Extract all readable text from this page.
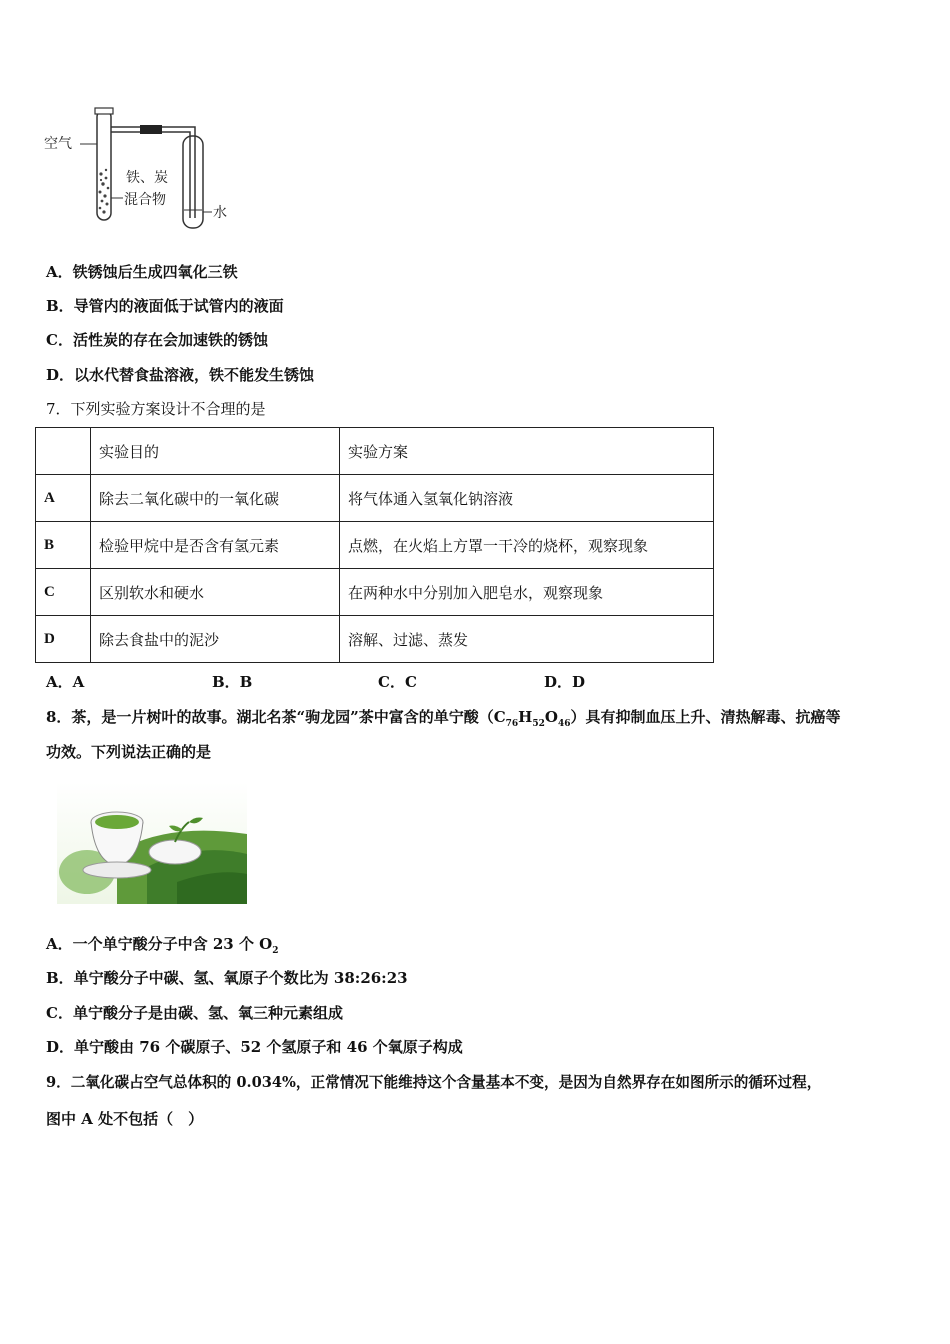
空气
铁、炭
混合物
水
A．铁锈蚀后生成四氧化三铁
B．导管内的液面低于试管内的液面
C．活性炭的存在会加速铁的锈蚀
D．以水代替食盐溶液，铁不能发生锈蚀
7．下列实验方案设计不合理的是
	实验目的	实验方案
A	除去二氧化碳中的一氧化碳	将气体通入氢氧化钠溶液
B	检验甲烷中是否含有氢元素	点燃，在火焰上方罩一干冷的烧杯，观察现象
C	区别软水和硬水	在两种水中分别加入肥皂水，观察现象
D	除去食盐中的泥沙	溶解、过滤、蒸发
A．A	B．B	C．C	D．D
8．茶，是一片树叶的故事。湖北名茶“驹龙园”茶中富含的单宁酸$(C_{76}H_{52}O_{46})$具有抑制血压上升、清热解毒、抗癌等
功效。下列说法正确的是
A．一个单宁酸分子中含 23 个 $O_2$
B．单宁酸分子中碳、氢、氧原子个数比为 38:26:23
C．单宁酸分子是由碳、氢、氧三种元素组成
D．单宁酸由 76 个碳原子、52 个氢原子和 46 个氧原子构成
9．二氧化碳占空气总体积的 0.034%，正常情况下能维持这个含量基本不变，是因为自然界存在如图所示的循环过程，
图中 A 处不包括（　）
